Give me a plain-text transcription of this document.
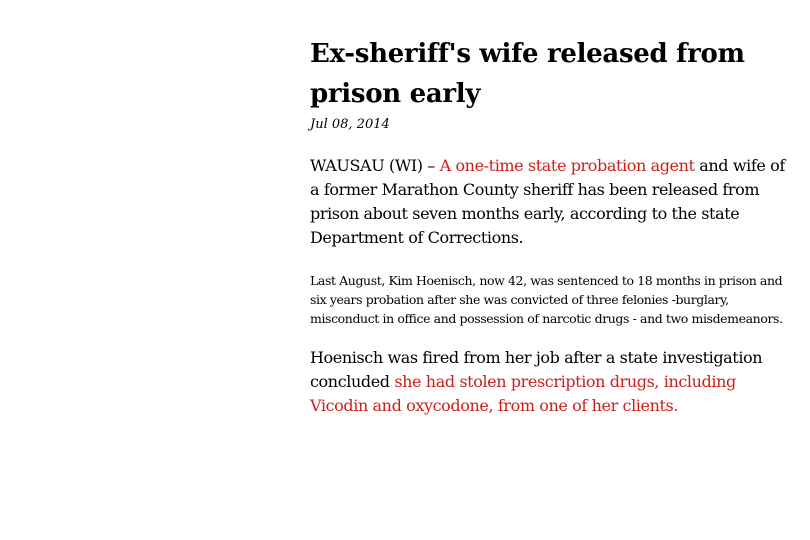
Ex-sheriff's wife released from prison early
Jul 08, 2014

WAUSAU (WI) – A one-time state probation agent and wife of a former Marathon County sheriff has been released from prison about seven months early, according to the state Department of Corrections.

Last August, Kim Hoenisch, now 42, was sentenced to 18 months in prison and six years probation after she was convicted of three felonies -burglary, misconduct in office and possession of narcotic drugs - and two misdemeanors.

Hoenisch was fired from her job after a state investigation concluded she had stolen prescription drugs, including Vicodin and oxycodone, from one of her clients.
